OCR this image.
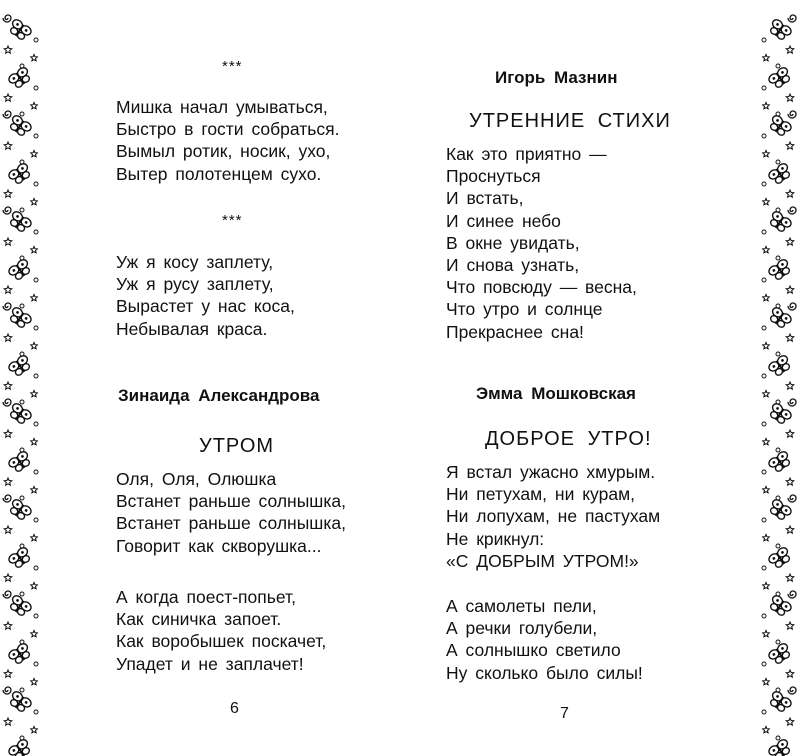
***
Мишка начал умываться,
Быстро в гости собраться.
Вымыл ротик, носик, ухо,
Вытер полотенцем сухо.
***
Уж я косу заплету,
Уж я русу заплету,
Вырастет у нас коса,
Небывалая краса.
Зинаида Александрова
УТРОМ
Оля, Оля, Олюшка
Встанет раньше солнышка,
Встанет раньше солнышка,
Говорит как скворушка...
А когда поест-попьет,
Как синичка запоет.
Как воробышек поскачет,
Упадет и не заплачет!
6
Игорь Мазнин
УТРЕННИЕ СТИХИ
Как это приятно —
Проснуться
И встать,
И синее небо
В окне увидать,
И снова узнать,
Что повсюду — весна,
Что утро и солнце
Прекраснее сна!
Эмма Мошковская
ДОБРОЕ УТРО!
Я встал ужасно хмурым.
Ни петухам, ни курам,
Ни лопухам, не пастухам
Не крикнул:
«С ДОБРЫМ УТРОМ!»
А самолеты пели,
А речки голубели,
А солнышко светило
Ну сколько было силы!
7
